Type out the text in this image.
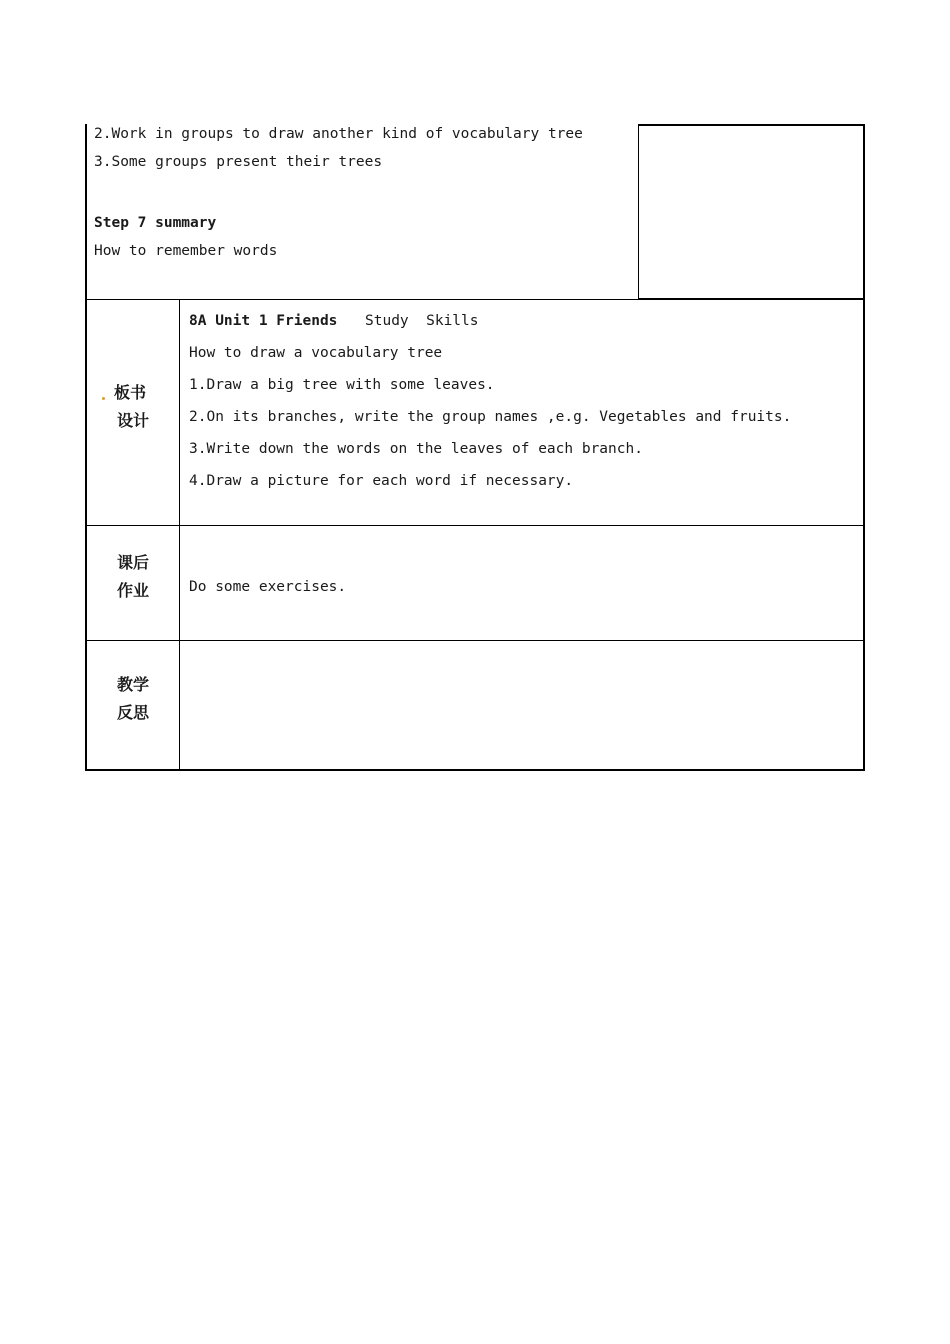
2.Work in groups to draw another kind of vocabulary tree
3.Some groups present their trees
Step 7 summary
How to remember words
板书
设计
8A Unit 1 Friends Study  Skills
How to draw a vocabulary tree
1.Draw a big tree with some leaves.
2.On its branches, write the group names ,e.g. Vegetables and fruits.
3.Write down the words on the leaves of each branch.
4.Draw a picture for each word if necessary.
课后
作业	Do some exercises.
教学
反思
